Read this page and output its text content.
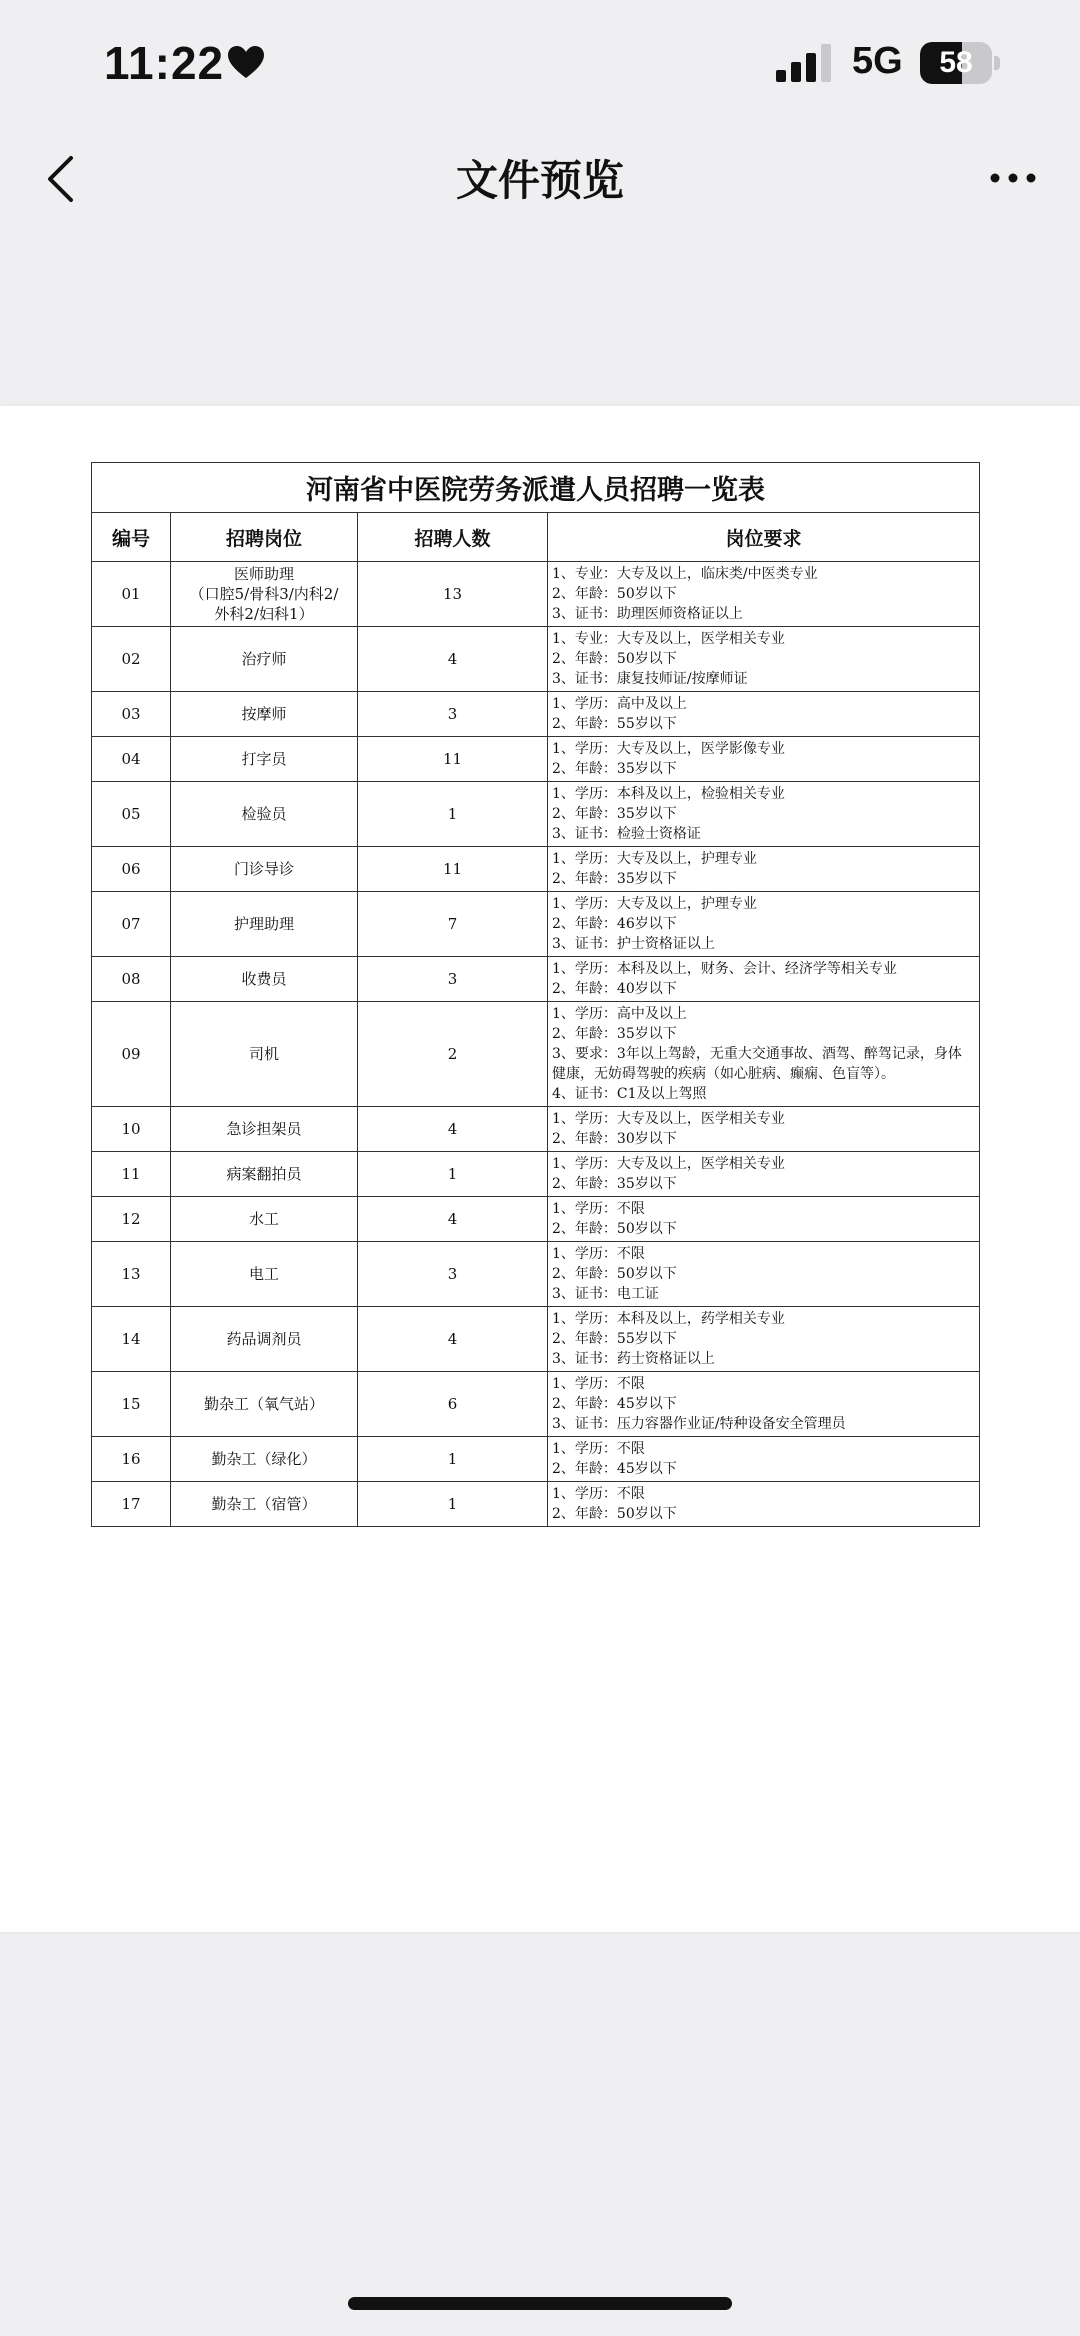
11:22	5G	58
文件预览
河南省中医院劳务派遣人员招聘一览表			
编号	招聘岗位	招聘人数	岗位要求
01	医师助理
（口腔5/骨科3/内科2/
外科2/妇科1）	13	1、专业：大专及以上，临床类/中医类专业
2、年龄：50岁以下
3、证书：助理医师资格证以上

02	治疗师	4	1、专业：大专及以上，医学相关专业
2、年龄：50岁以下
3、证书：康复技师证/按摩师证

03	按摩师	3	1、学历：高中及以上
2、年龄：55岁以下

04	打字员	11	1、学历：大专及以上，医学影像专业
2、年龄：35岁以下

05	检验员	1	1、学历：本科及以上，检验相关专业
2、年龄：35岁以下
3、证书：检验士资格证

06	门诊导诊	11	1、学历：大专及以上，护理专业
2、年龄：35岁以下

07	护理助理	7	1、学历：大专及以上，护理专业
2、年龄：46岁以下
3、证书：护士资格证以上

08	收费员	3	1、学历：本科及以上，财务、会计、经济学等相关专业
2、年龄：40岁以下

09	司机	2	1、学历：高中及以上
2、年龄：35岁以下
3、要求：3年以上驾龄，无重大交通事故、酒驾、醉驾记录，身体健康，无妨碍驾驶的疾病（如心脏病、癫痫、色盲等）。
4、证书：C1及以上驾照

10	急诊担架员	4	1、学历：大专及以上，医学相关专业
2、年龄：30岁以下

11	病案翻拍员	1	1、学历：大专及以上，医学相关专业
2、年龄：35岁以下

12	水工	4	1、学历：不限
2、年龄：50岁以下

13	电工	3	1、学历：不限
2、年龄：50岁以下
3、证书：电工证

14	药品调剂员	4	1、学历：本科及以上，药学相关专业
2、年龄：55岁以下
3、证书：药士资格证以上

15	勤杂工（氧气站）	6	1、学历：不限
2、年龄：45岁以下
3、证书：压力容器作业证/特种设备安全管理员

16	勤杂工（绿化）	1	1、学历：不限
2、年龄：45岁以下

17	勤杂工（宿管）	1	1、学历：不限
2、年龄：50岁以下
